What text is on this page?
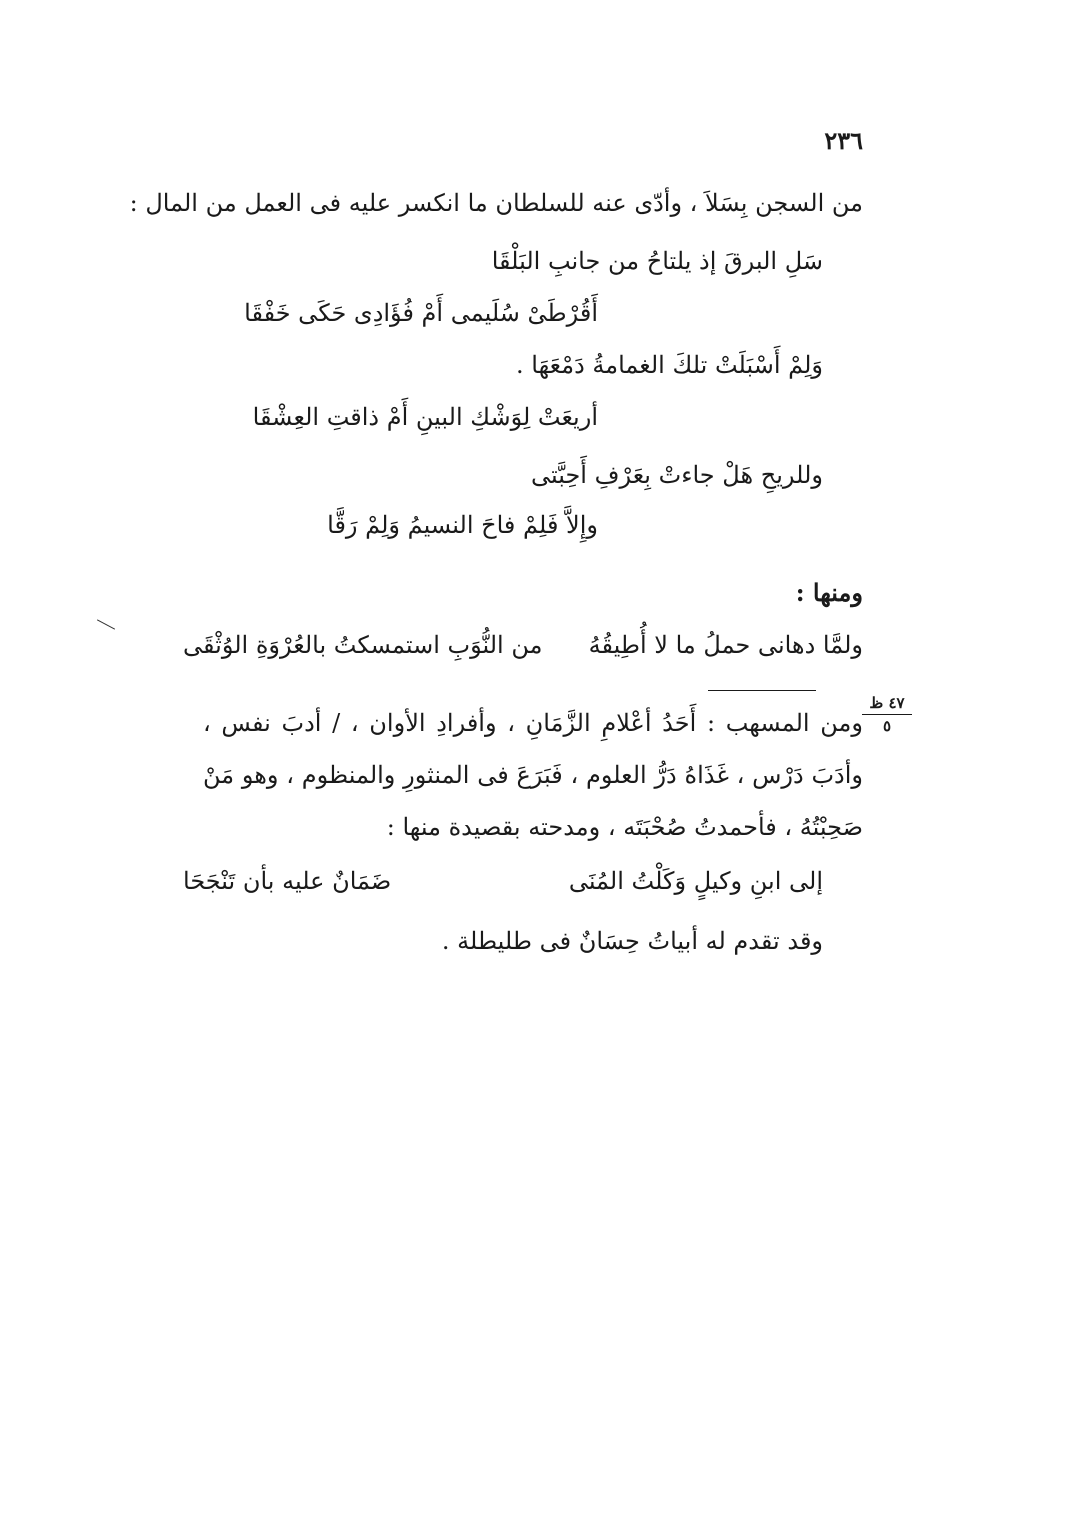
٢٣٦
من السجن بِسَلاَ ، وأدّى عنه للسلطان ما انكسر عليه فى العمل من المال :
سَلِ البرقَ إذ يلتاحُ من جانبِ البَلْقَا
أَقُرْطَىْ سُلَيمى أَمْ فُؤَادِى حَكَى خَفْقَا
وَلِمْ أَسْبَلَتْ تلكَ الغمامةُ دَمْعَهَا .
أريعَتْ لِوَشْكِ البينِ أَمْ ذاقتِ العِشْقَا
وللريحِ هَلْ جاءتْ بِعَرْفِ أَحِبَّتى
وإِلاَّ فَلِمْ فاحَ النسيمُ وَلِمْ رَقَّا
ومنها :
ولمَّا دهانى حملُ ما لا أُطِيقُهُ
من النُّوَبِ استمسكتُ بالعُرْوَةِ الوُثْقَى
٤٧ ظ
٥
ومن المسهب : أَحَدُ أعْلامِ الزَّمَانِ ، وأفرادِ الأوان ، / أدبَ نفس ،
وأدَبَ دَرْس ، غَذَاهُ دَرُّ العلوم ، فَبَرَعَ فى المنثورِ والمنظوم ، وهو مَنْ
صَحِبْتُهُ ، فأحمدتُ صُحْبَتَه ، ومدحته بقصيدة منها :
إلى ابنِ وكيلٍ وَكَلْتُ المُنَى
ضَمَانٌ عليه بأن تَنْجَحَا
وقد تقدم له أبياتُ حِسَانٌ فى طليطلة .
